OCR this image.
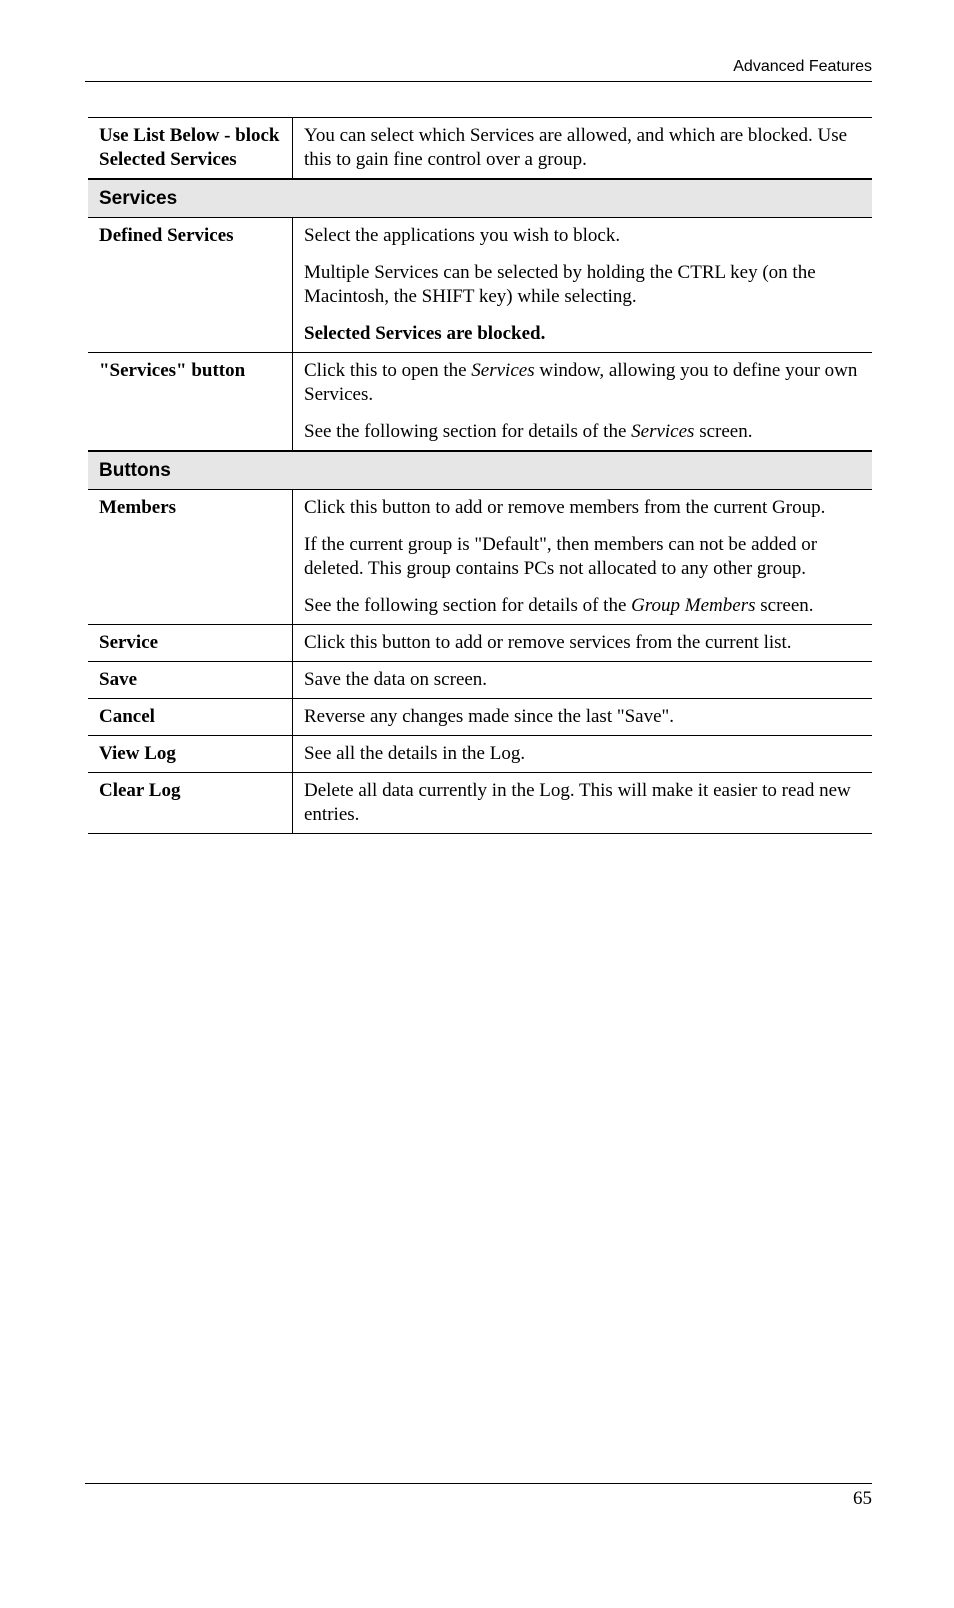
Advanced Features
Use List Below - block Selected Services	You can select which Services are allowed, and which are blocked. Use this to gain fine control over a group.

Services	
Defined Services	Select the applications you wish to block.

Multiple Services can be selected by holding the CTRL key (on the Macintosh, the SHIFT key) while selecting.

Selected Services are blocked.

"Services" button	Click this to open the Services window, allowing you to define your own Services.

See the following section for details of the Services screen.

Buttons	
Members	Click this button to add or remove members from the current Group.

If the current group is "Default", then members can not be added or deleted. This group contains PCs not allocated to any other group.

See the following section for details of the Group Members screen.

Service	Click this button to add or remove services from the current list.

Save	Save the data on screen.

Cancel	Reverse any changes made since the last "Save".

View Log	See all the details in the Log.

Clear Log	Delete all data currently in the Log. This will make it easier to read new entries.

65
